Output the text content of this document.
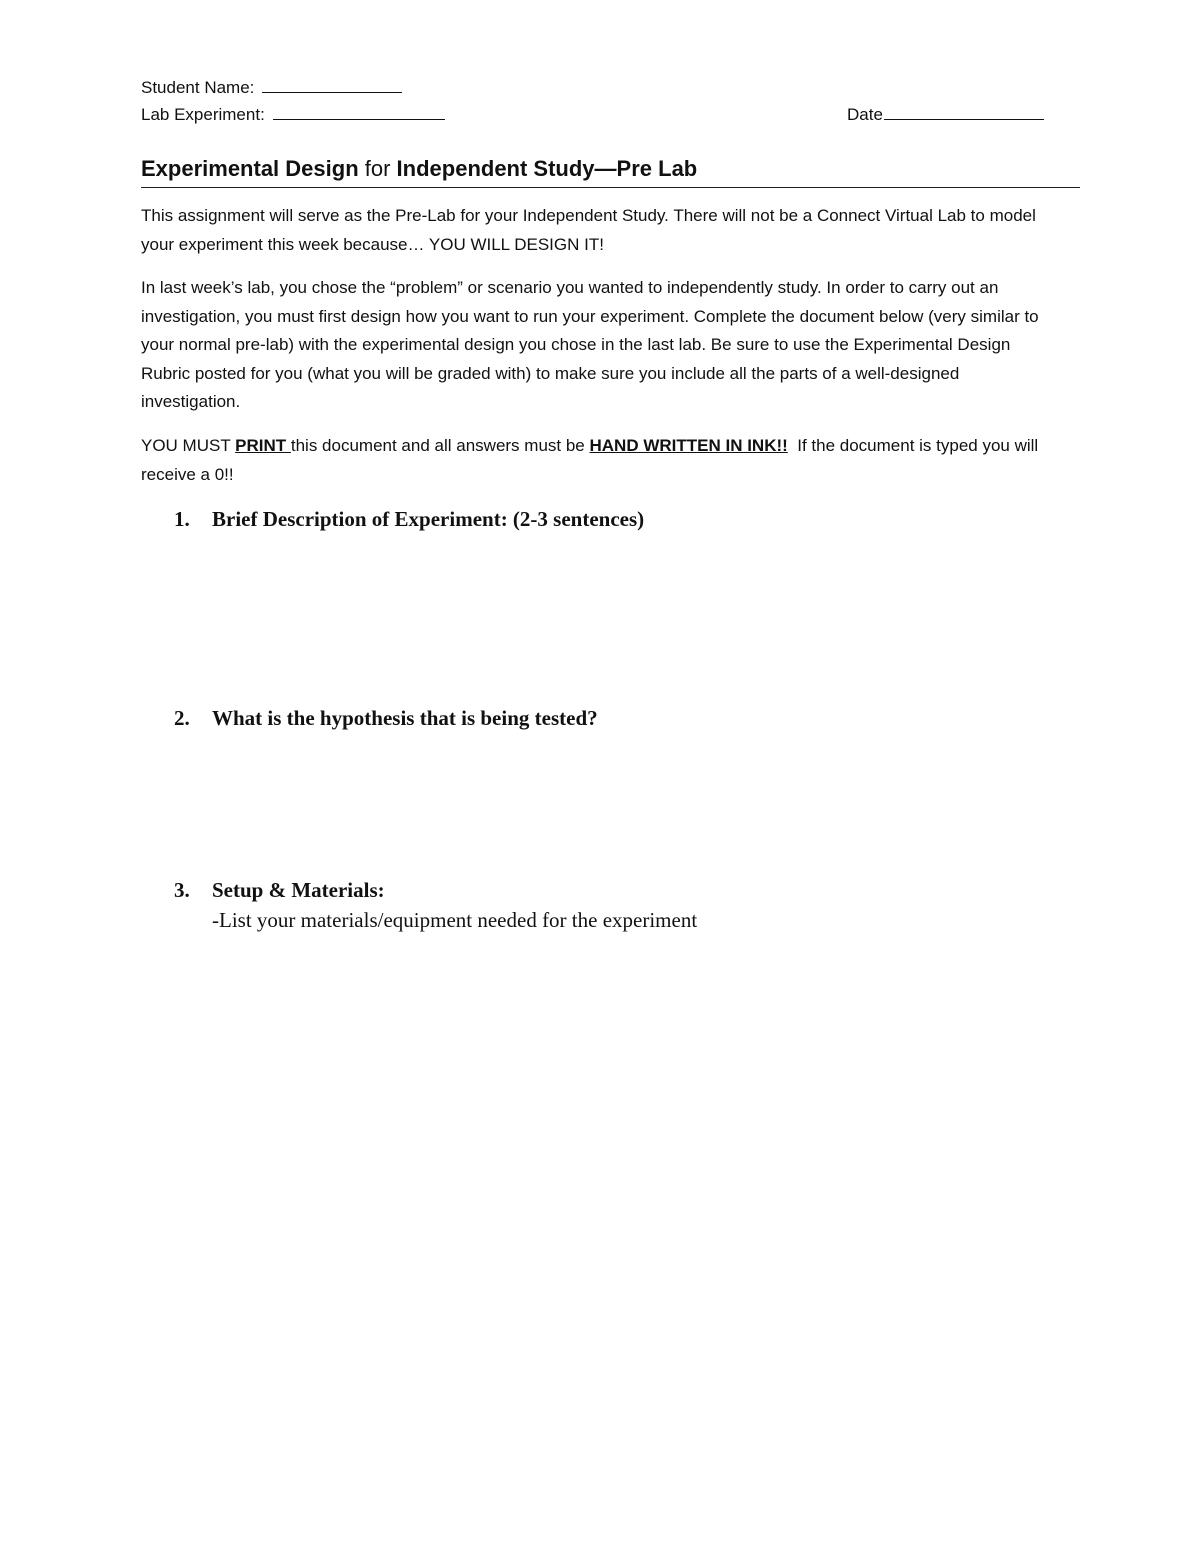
Student Name:
Lab Experiment:	Date
Experimental Design for Independent Study—Pre Lab
This assignment will serve as the Pre-Lab for your Independent Study. There will not be a Connect Virtual Lab to model your experiment this week because… YOU WILL DESIGN IT!
In last week’s lab, you chose the “problem” or scenario you wanted to independently study. In order to carry out an investigation, you must first design how you want to run your experiment. Complete the document below (very similar to your normal pre-lab) with the experimental design you chose in the last lab. Be sure to use the Experimental Design Rubric posted for you (what you will be graded with) to make sure you include all the parts of a well-designed investigation.
YOU MUST PRINT this document and all answers must be HAND WRITTEN IN INK!!  If the document is typed you will receive a 0!!
1. Brief Description of Experiment: (2-3 sentences)
2. What is the hypothesis that is being tested?
3. Setup & Materials:
-List your materials/equipment needed for the experiment
